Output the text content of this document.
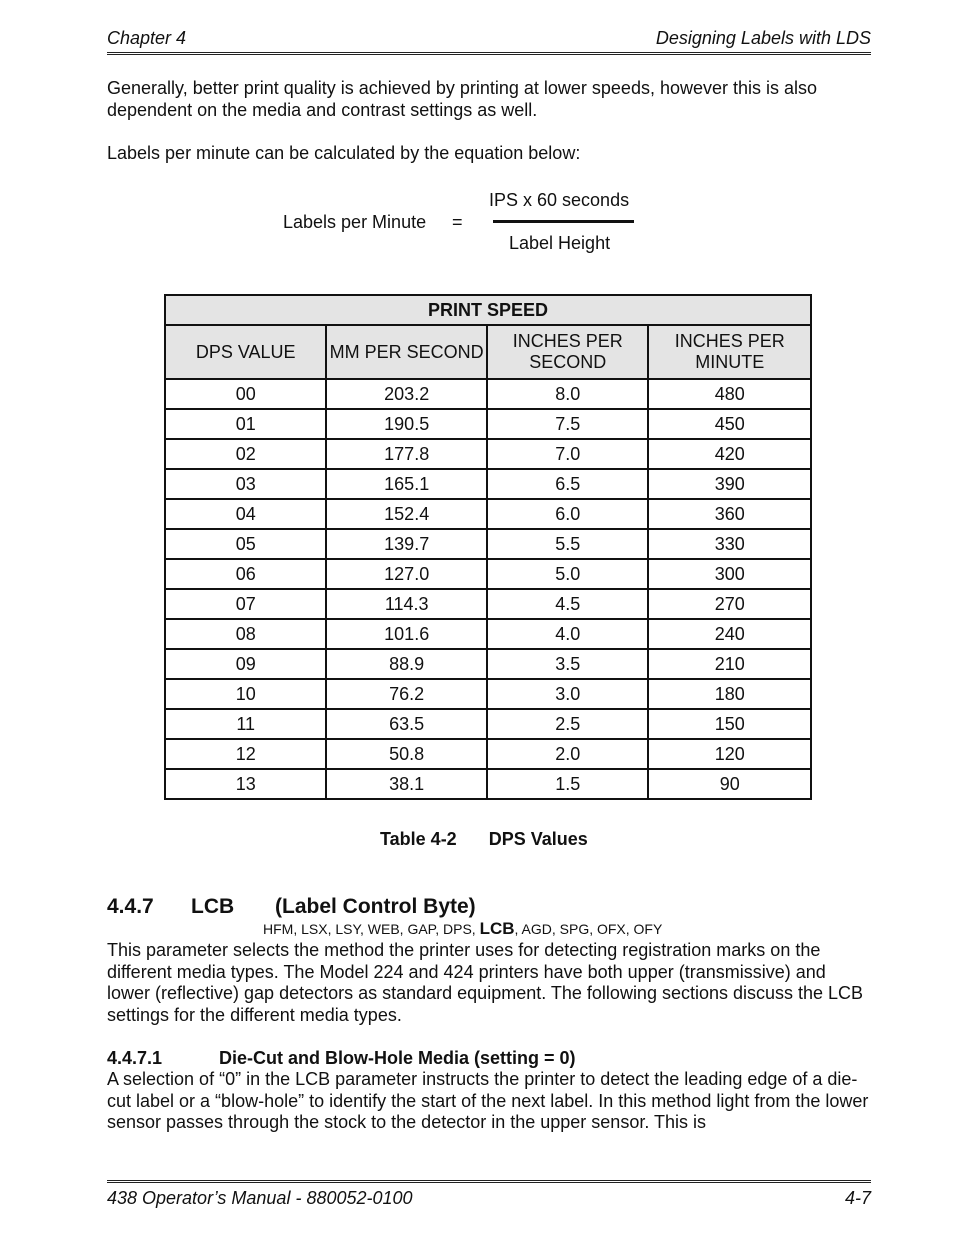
Chapter 4	Designing Labels with LDS

Generally, better print quality is achieved by printing at lower speeds, however this is also dependent on the media and contrast settings as well.

Labels per minute can be calculated by the equation below:

Labels per Minute =
IPS x 60 seconds
Label Height
PRINT SPEED			
DPS VALUE	MM PER SECOND	INCHES PER SECOND	INCHES PER MINUTE
00	203.2	8.0	480
01	190.5	7.5	450
02	177.8	7.0	420
03	165.1	6.5	390
04	152.4	6.0	360
05	139.7	5.5	330
06	127.0	5.0	300
07	114.3	4.5	270
08	101.6	4.0	240
09	88.9	3.5	210
10	76.2	3.0	180
11	63.5	2.5	150
12	50.8	2.0	120
13	38.1	1.5	90
Table 4-2 DPS Values
4.4.7 LCB (Label Control Byte)
HFM, LSX, LSY, WEB, GAP, DPS, LCB, AGD, SPG, OFX, OFY

This parameter selects the method the printer uses for detecting registration marks on the different media types. The Model 224 and 424 printers have both upper (transmissive) and lower (reflective) gap detectors as standard equipment. The following sections discuss the LCB settings for the different media types.

4.4.7.1	Die-Cut and Blow-Hole Media (setting = 0)

A selection of “0” in the LCB parameter instructs the printer to detect the leading edge of a die-cut label or a “blow-hole” to identify the start of the next label. In this method light from the lower sensor passes through the stock to the detector in the upper sensor. This is

438 Operator’s Manual - 880052-0100	4-7
